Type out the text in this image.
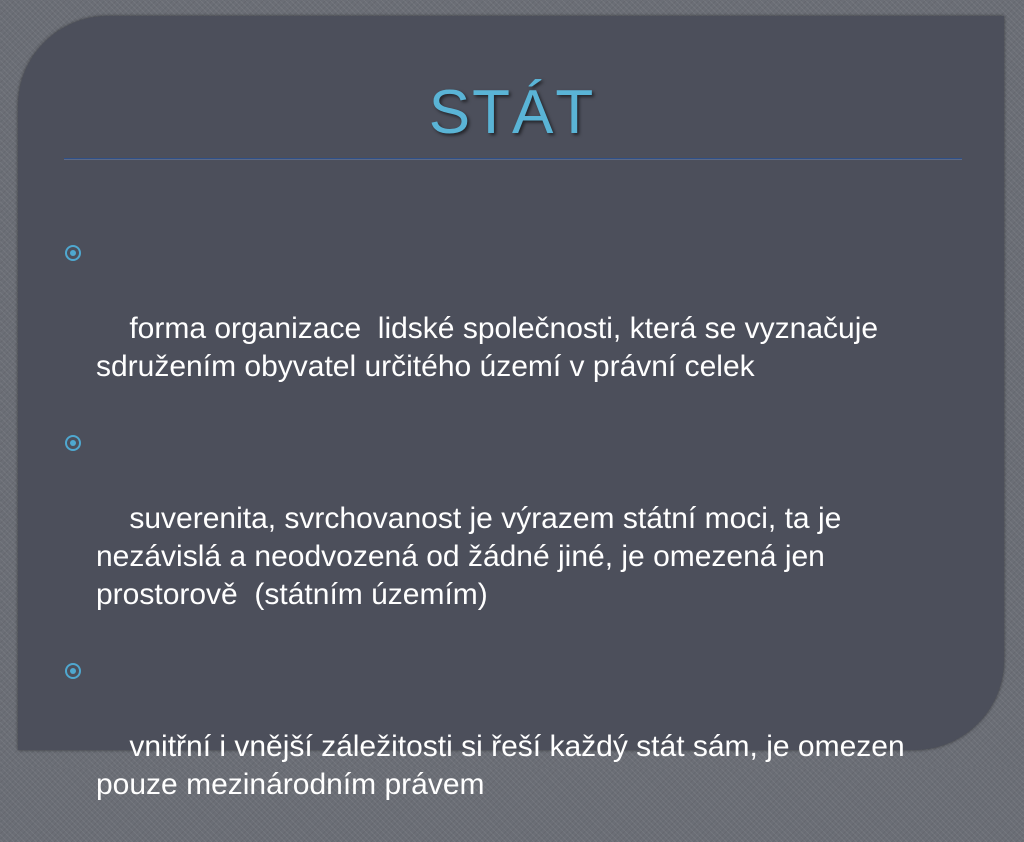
STÁT

forma organizace  lidské společnosti, která se vyznačuje sdružením obyvatel určitého území v právní celek

suverenita, svrchovanost je výrazem státní moci, ta je nezávislá a neodvozená od žádné jiné, je omezená jen prostorově  (státním územím)

vnitřní i vnější záležitosti si řeší každý stát sám, je omezen pouze mezinárodním právem
